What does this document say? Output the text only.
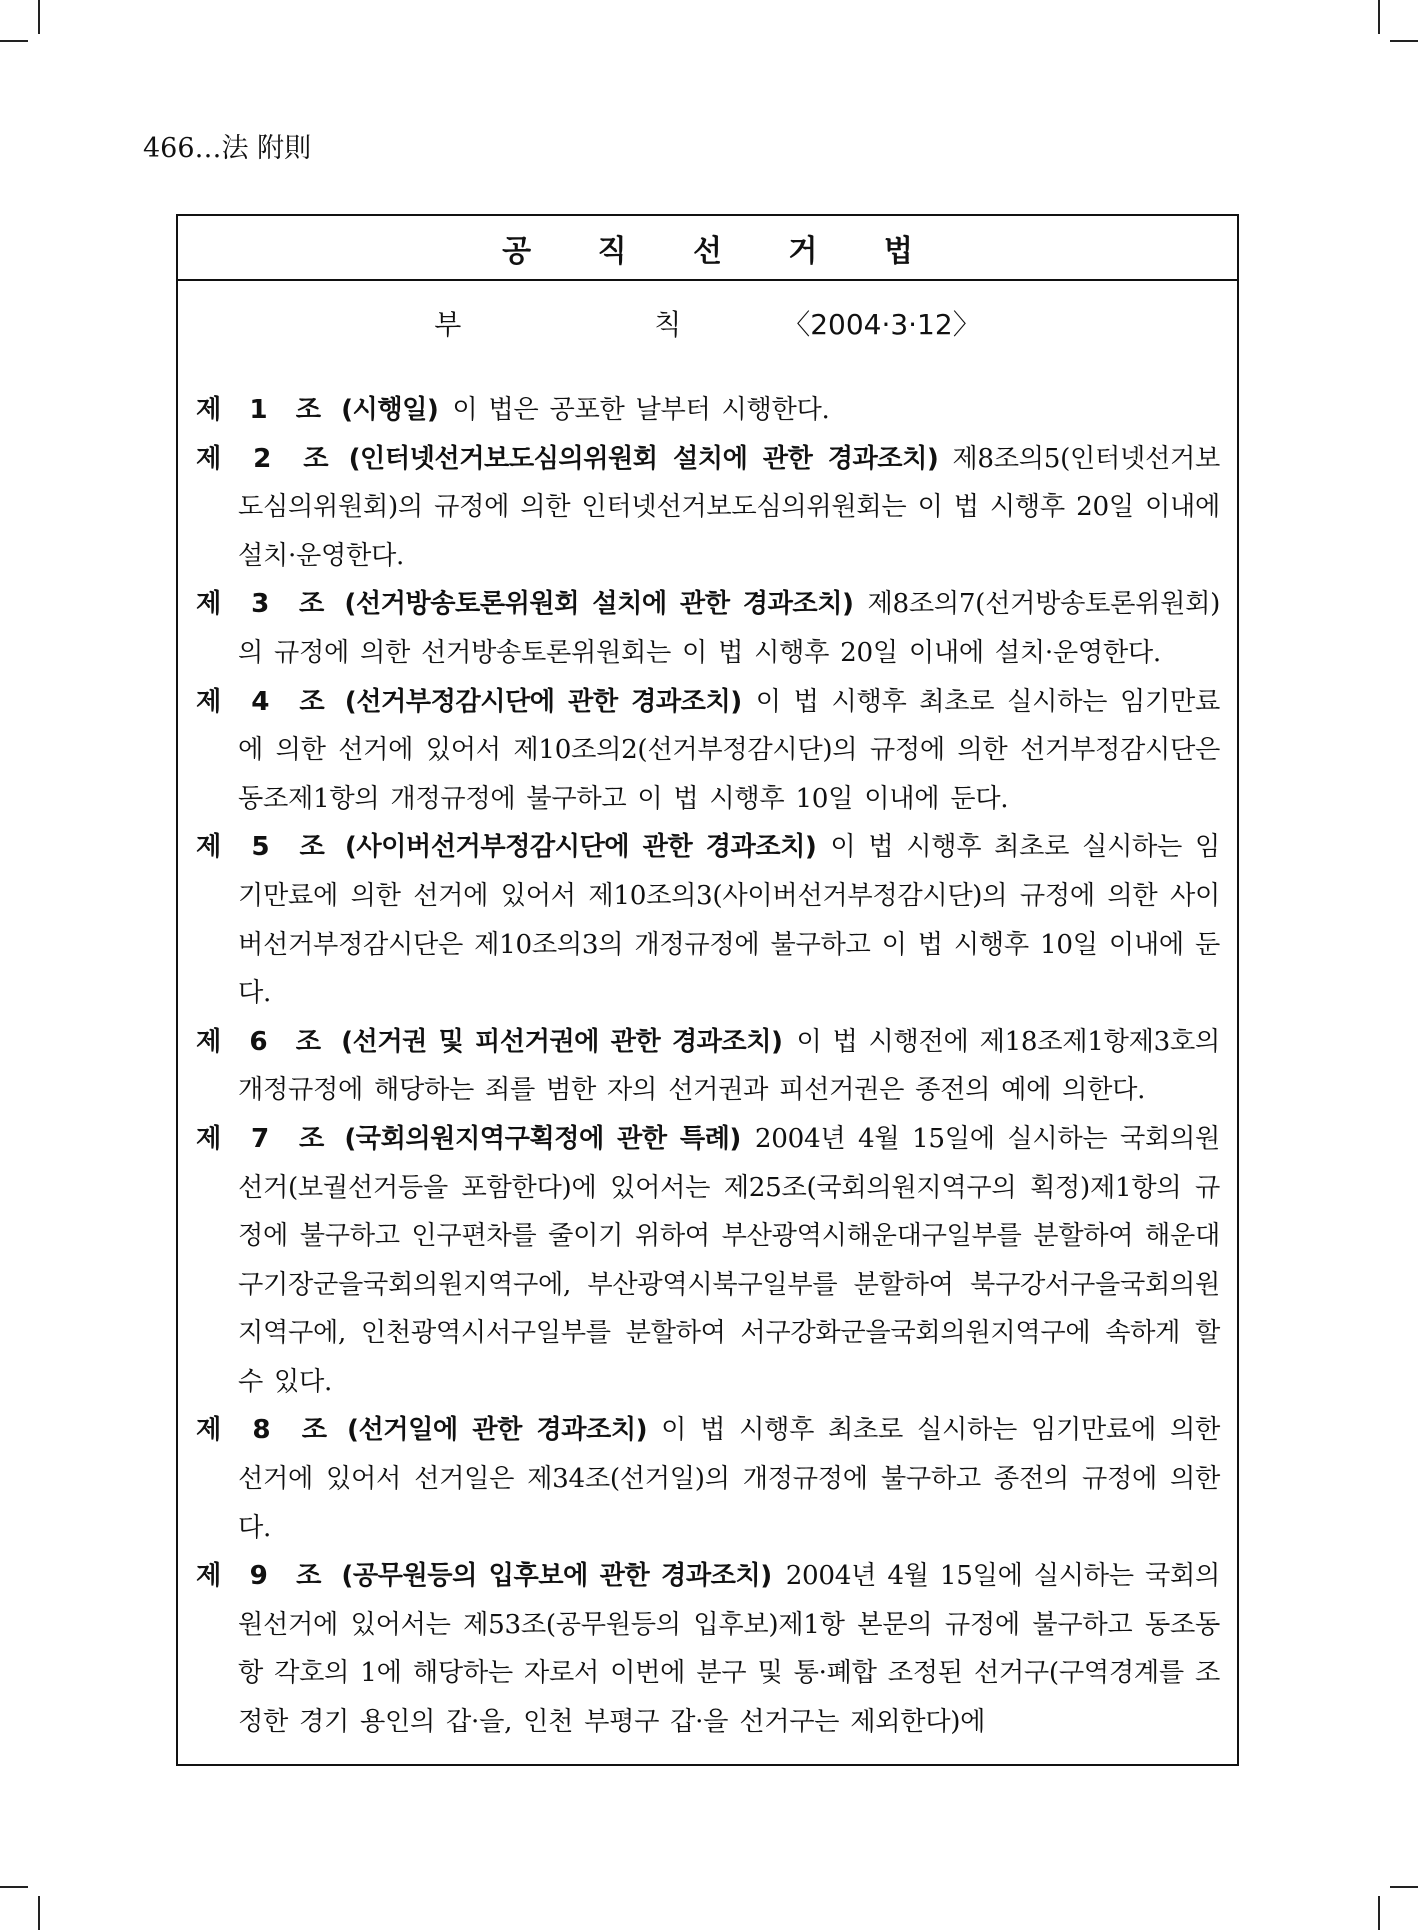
466…法 附則
공 직 선 거 법
부 칙 〈2004·3·12〉
제 1 조 (시행일) 이 법은 공포한 날부터 시행한다.
제 2 조 (인터넷선거보도심의위원회 설치에 관한 경과조치) 제8조의5(인터넷선거보도심의위원회)의 규정에 의한 인터넷선거보도심의위원회는 이 법 시행후 20일 이내에 설치·운영한다.
제 3 조 (선거방송토론위원회 설치에 관한 경과조치) 제8조의7(선거방송토론위원회)의 규정에 의한 선거방송토론위원회는 이 법 시행후 20일 이내에 설치·운영한다.
제 4 조 (선거부정감시단에 관한 경과조치) 이 법 시행후 최초로 실시하는 임기만료에 의한 선거에 있어서 제10조의2(선거부정감시단)의 규정에 의한 선거부정감시단은 동조제1항의 개정규정에 불구하고 이 법 시행후 10일 이내에 둔다.
제 5 조 (사이버선거부정감시단에 관한 경과조치) 이 법 시행후 최초로 실시하는 임기만료에 의한 선거에 있어서 제10조의3(사이버선거부정감시단)의 규정에 의한 사이버선거부정감시단은 제10조의3의 개정규정에 불구하고 이 법 시행후 10일 이내에 둔다.
제 6 조 (선거권 및 피선거권에 관한 경과조치) 이 법 시행전에 제18조제1항제3호의 개정규정에 해당하는 죄를 범한 자의 선거권과 피선거권은 종전의 예에 의한다.
제 7 조 (국회의원지역구획정에 관한 특례) 2004년 4월 15일에 실시하는 국회의원선거(보궐선거등을 포함한다)에 있어서는 제25조(국회의원지역구의 획정)제1항의 규정에 불구하고 인구편차를 줄이기 위하여 부산광역시해운대구일부를 분할하여 해운대구기장군을국회의원지역구에, 부산광역시북구일부를 분할하여 북구강서구을국회의원지역구에, 인천광역시서구일부를 분할하여 서구강화군을국회의원지역구에 속하게 할 수 있다.
제 8 조 (선거일에 관한 경과조치) 이 법 시행후 최초로 실시하는 임기만료에 의한 선거에 있어서 선거일은 제34조(선거일)의 개정규정에 불구하고 종전의 규정에 의한다.
제 9 조 (공무원등의 입후보에 관한 경과조치) 2004년 4월 15일에 실시하는 국회의원선거에 있어서는 제53조(공무원등의 입후보)제1항 본문의 규정에 불구하고 동조동항 각호의 1에 해당하는 자로서 이번에 분구 및 통·폐합 조정된 선거구(구역경계를 조정한 경기 용인의 갑·을, 인천 부평구 갑·을 선거구는 제외한다)에
